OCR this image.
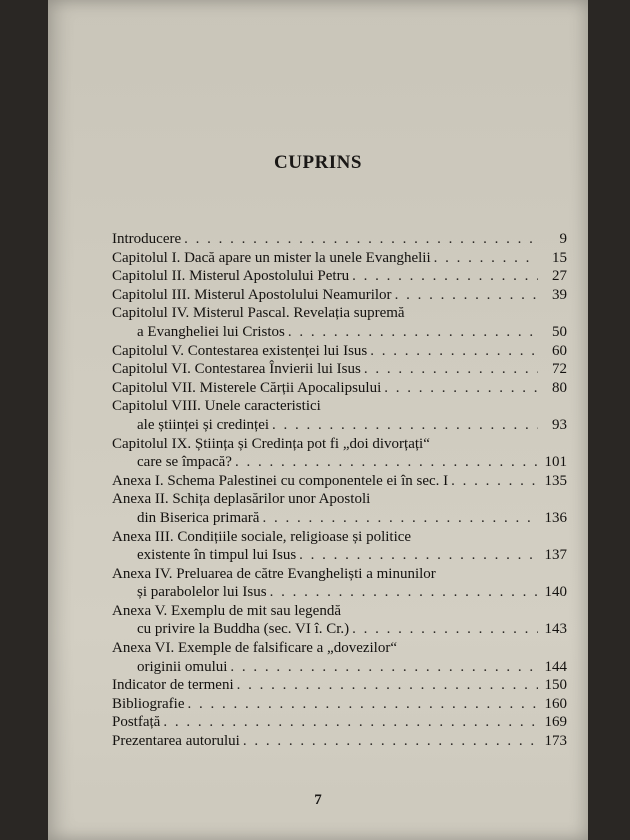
CUPRINS
Introducere . . .	9
Capitolul I. Dacă apare un mister la unele Evanghelii . . .	15
Capitolul II. Misterul Apostolului Petru . . .	27
Capitolul III. Misterul Apostolului Neamurilor . . .	39
Capitolul IV. Misterul Pascal. Revelația supremă
a Evangheliei lui Cristos . . .	50
Capitolul V. Contestarea existenței lui Isus . . .	60
Capitolul VI. Contestarea Învierii lui Isus . . .	72
Capitolul VII. Misterele Cărții Apocalipsului . . .	80
Capitolul VIII. Unele caracteristici
ale științei și credinței . . .	93
Capitolul IX. Știința și Credința pot fi „doi divorțați“
care se împacă? . . .	101
Anexa I. Schema Palestinei cu componentele ei în sec. I . . .	135
Anexa II. Schița deplasărilor unor Apostoli
din Biserica primară . . .	136
Anexa III. Condițiile sociale, religioase și politice
existente în timpul lui Isus . . .	137
Anexa IV. Preluarea de către Evangheliști a minunilor
și parabolelor lui Isus . . .	140
Anexa V. Exemplu de mit sau legendă
cu privire la Buddha (sec. VI î. Cr.) . . .	143
Anexa VI. Exemple de falsificare a „dovezilor“
originii omului . . .	144
Indicator de termeni . . .	150
Bibliografie . . .	160
Postfață . . .	169
Prezentarea autorului . . .	173
7
